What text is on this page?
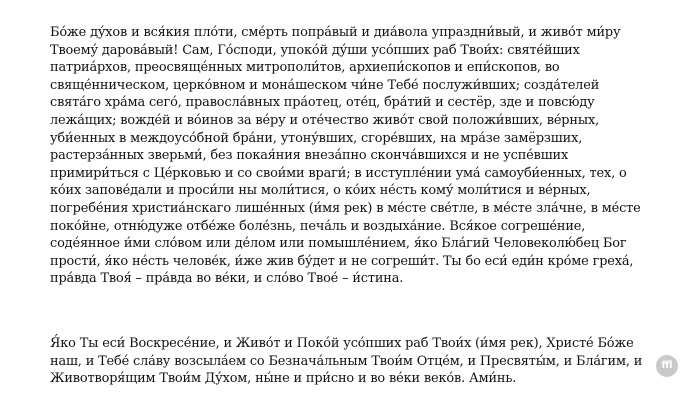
Бо́же ду́хов и вся́кия пло́ти, сме́рть попра́вый и диа́вола упраздни́вый, и живо́т ми́ру
Твоему́ дарова́вый! Сам, Го́споди, упоко́й ду́ши усо́пших раб Твои́х: святе́йших
патриа́рхов, преосвяще́нных митрополи́тов, архиепи́скопов и епи́скопов, во
свяще́нническом, церко́вном и мона́шеском чи́не Тебе́ послужи́вших; созда́телей
свята́го хра́ма сего́, правосла́вных пра́отец, оте́ц, бра́тий и сестёр, зде и повсю́ду
лежа́щих; вожде́й и во́инов за ве́ру и оте́чество живо́т свой положи́вших, ве́рных,
уби́енных в междоусо́бной бра́ни, утону́вших, сгоре́вших, на мра́зе замёрзших,
растерза́нных зверьми́, без покая́ния внеза́пно сконча́вшихся и не успе́вших
примири́ться с Це́рковью и со свои́ми враги́; в исступле́нии ума́ самоуби́енных, тех, о
ко́их запове́дали и проси́ли ны моли́тися, о ко́их не́сть кому́ моли́тися и ве́рных,
погребе́ния христиа́нскаго лише́нных (и́мя рек) в ме́сте све́тле, в ме́сте зла́чне, в ме́сте
поко́йне, отню́дуже отбе́же боле́знь, печа́ль и воздыха́ние. Вся́кое согреше́ние,
соде́янное и́ми сло́вом или де́лом или помышле́нием, я́ко Бла́гий Человеколю́бец Бог
прости́, я́ко не́сть челове́к, и́же жив бу́дет и не согреши́т. Ты бо еси́ еди́н кро́ме греха́,
пра́вда Твоя́ – пра́вда во ве́ки, и сло́во Твое́ – и́стина.
Я́ко Ты еси́ Воскресе́ние, и Живо́т и Поко́й усо́пших раб Твои́х (и́мя рек), Христе́ Бо́же
наш, и Тебе́ сла́ву возсыла́ем со Безнача́льным Твои́м Отце́м, и Пресвяты́м, и Бла́гим, и
Животворя́щим Твои́м Ду́хом, ны́не и при́сно и во ве́ки веко́в. Ами́нь.
ffl
